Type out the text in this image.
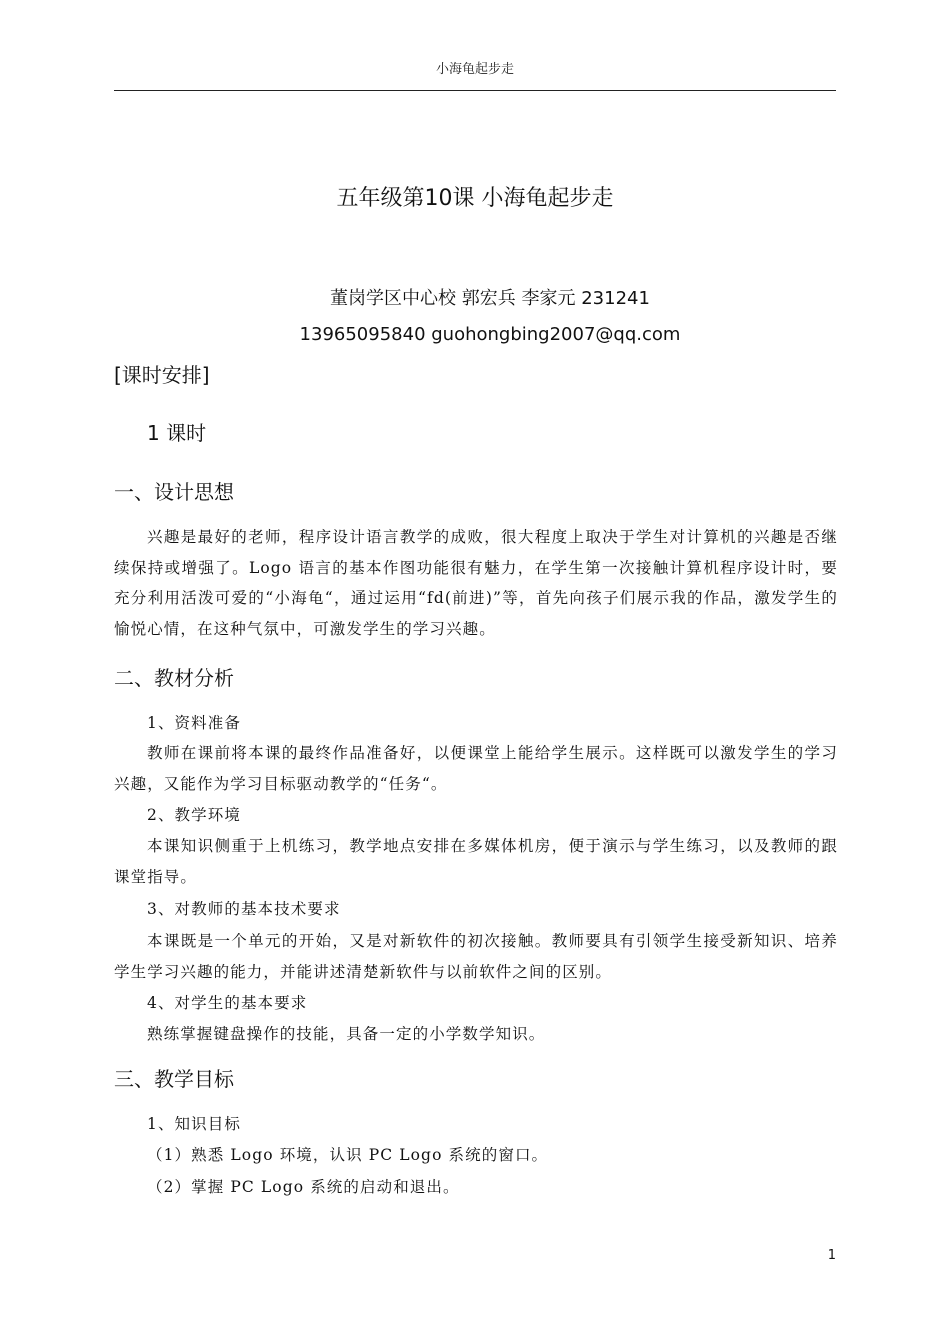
小海龟起步走
五年级第10课 小海龟起步走
董岗学区中心校 郭宏兵 李家元 231241
13965095840 guohongbing2007@qq.com
[课时安排]
1 课时
一、设计思想
兴趣是最好的老师，程序设计语言教学的成败，很大程度上取决于学生对计算机的兴趣是否继续保持或增强了。Logo 语言的基本作图功能很有魅力，在学生第一次接触计算机程序设计时，要充分利用活泼可爱的“小海龟“，通过运用“fd(前进)”等，首先向孩子们展示我的作品，激发学生的愉悦心情，在这种气氛中，可激发学生的学习兴趣。
二、教材分析
1、资料准备
教师在课前将本课的最终作品准备好，以便课堂上能给学生展示。这样既可以激发学生的学习兴趣，又能作为学习目标驱动教学的“任务“。
2、教学环境
本课知识侧重于上机练习，教学地点安排在多媒体机房，便于演示与学生练习，以及教师的跟课堂指导。
3、对教师的基本技术要求
本课既是一个单元的开始，又是对新软件的初次接触。教师要具有引领学生接受新知识、培养学生学习兴趣的能力，并能讲述清楚新软件与以前软件之间的区别。
4、对学生的基本要求
熟练掌握键盘操作的技能，具备一定的小学数学知识。
三、教学目标
1、知识目标
（1）熟悉 Logo 环境，认识 PC Logo 系统的窗口。
（2）掌握 PC Logo 系统的启动和退出。
1
